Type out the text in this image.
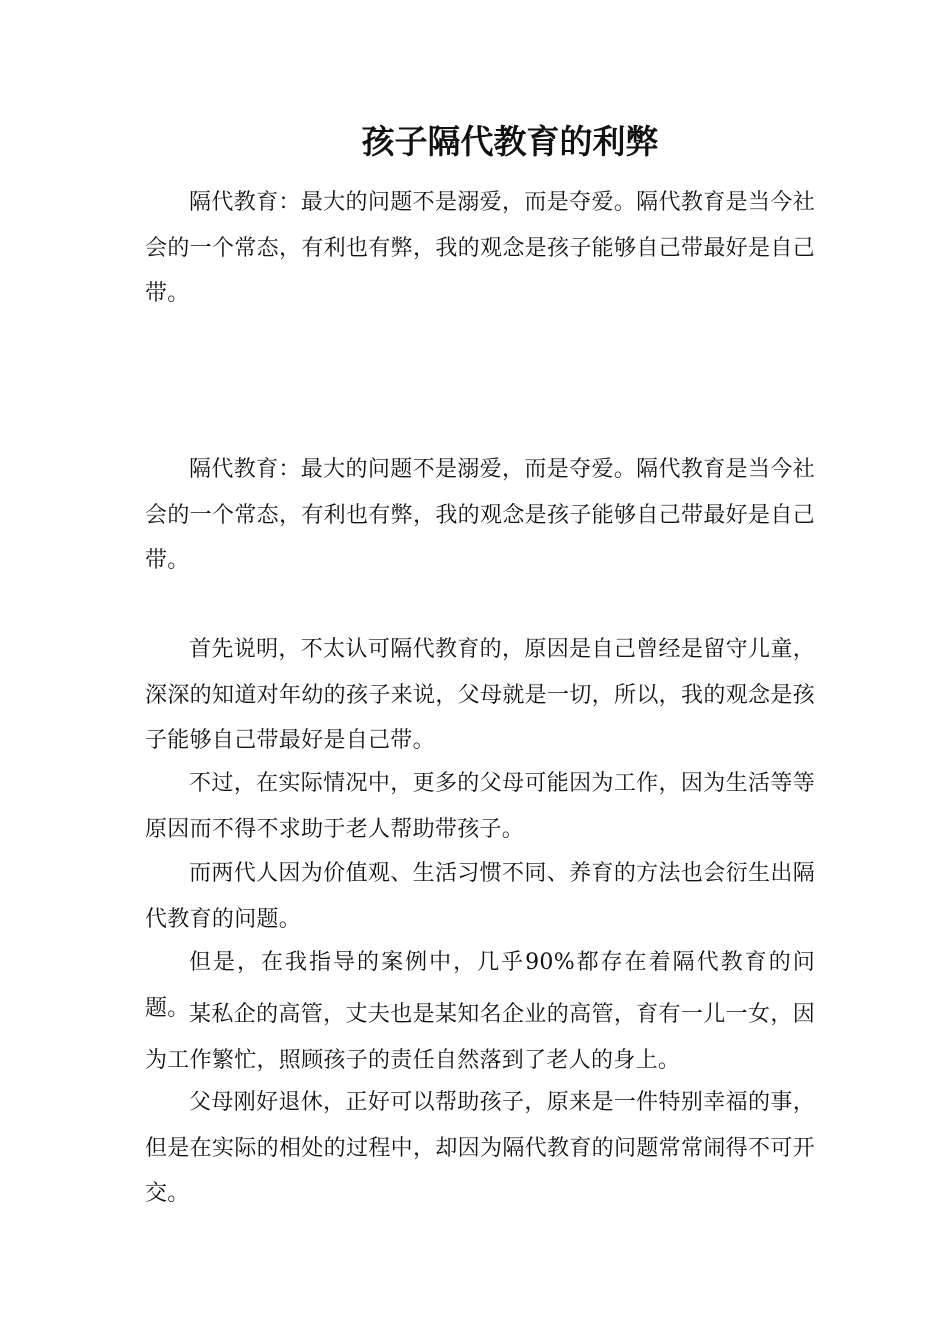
孩子隔代教育的利弊

隔代教育：最大的问题不是溺爱，而是夺爱。隔代教育是当今社会的一个常态，有利也有弊，我的观念是孩子能够自己带最好是自己带。

隔代教育：最大的问题不是溺爱，而是夺爱。隔代教育是当今社会的一个常态，有利也有弊，我的观念是孩子能够自己带最好是自己带。

首先说明，不太认可隔代教育的，原因是自己曾经是留守儿童，深深的知道对年幼的孩子来说，父母就是一切，所以，我的观念是孩子能够自己带最好是自己带。

不过，在实际情况中，更多的父母可能因为工作，因为生活等等原因而不得不求助于老人帮助带孩子。

而两代人因为价值观、生活习惯不同、养育的方法也会衍生出隔代教育的问题。

但是，在我指导的案例中，几乎90%都存在着隔代教育的问题。 某私企的高管，丈夫也是某知名企业的高管，育有一儿一女，因为工作繁忙，照顾孩子的责任自然落到了老人的身上。

父母刚好退休，正好可以帮助孩子，原来是一件特别幸福的事，但是在实际的相处的过程中，却因为隔代教育的问题常常闹得不可开交。
